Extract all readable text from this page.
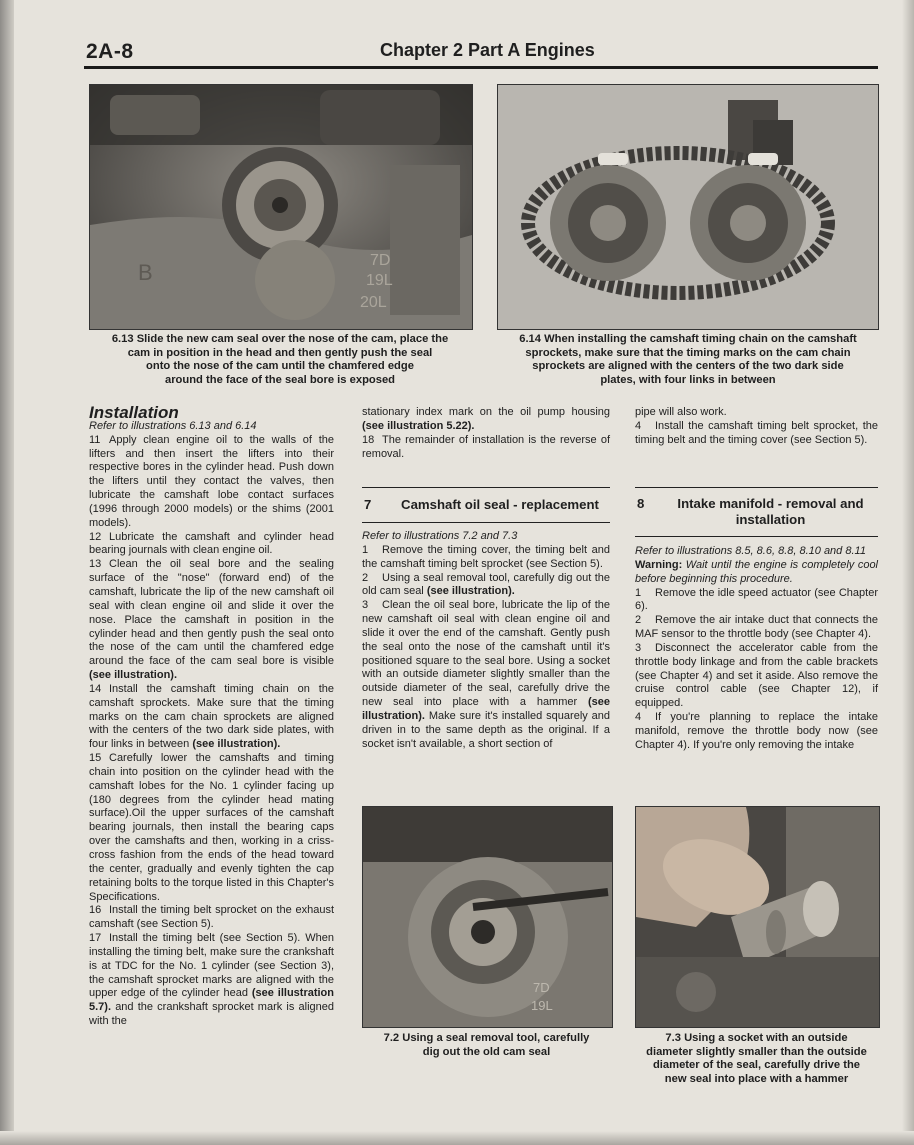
2A-8	Chapter 2 Part A Engines
B	7D
19L
20L
6.13 Slide the new cam seal over the nose of the cam, place the
cam in position in the head and then gently push the seal
onto the nose of the cam until the chamfered edge
around the face of the seal bore is exposed
6.14 When installing the camshaft timing chain on the camshaft
sprockets, make sure that the timing marks on the cam chain
sprockets are aligned with the centers of the two dark side
plates, with four links in between

Installation

Refer to illustrations 6.13 and 6.14

11 Apply clean engine oil to the walls of the lifters and then insert the lifters into their respective bores in the cylinder head. Push down the lifters until they contact the valves, then lubricate the camshaft lobe contact surfaces (1996 through 2000 models) or the shims (2001 models).

12 Lubricate the camshaft and cylinder head bearing journals with clean engine oil.

13 Clean the oil seal bore and the sealing surface of the "nose" (forward end) of the camshaft, lubricate the lip of the new camshaft oil seal with clean engine oil and slide it over the nose. Place the camshaft in position in the cylinder head and then gently push the seal onto the nose of the cam until the chamfered edge around the face of the cam seal bore is visible (see illustration).

14 Install the camshaft timing chain on the camshaft sprockets. Make sure that the timing marks on the cam chain sprockets are aligned with the centers of the two dark side plates, with four links in between (see illustration).

15 Carefully lower the camshafts and timing chain into position on the cylinder head with the camshaft lobes for the No. 1 cylinder facing up (180 degrees from the cylinder head mating surface).Oil the upper surfaces of the camshaft bearing journals, then install the bearing caps over the camshafts and then, working in a criss-cross fashion from the ends of the head toward the center, gradually and evenly tighten the cap retaining bolts to the torque listed in this Chapter's Specifications.

16 Install the timing belt sprocket on the exhaust camshaft (see Section 5).

17 Install the timing belt (see Section 5). When installing the timing belt, make sure the crankshaft is at TDC for the No. 1 cylinder (see Section 3), the camshaft sprocket marks are aligned with the upper edge of the cylinder head (see illustration 5.7). and the crankshaft sprocket mark is aligned with the

stationary index mark on the oil pump housing (see illustration 5.22).

18 The remainder of installation is the reverse of removal.

7	Camshaft oil seal - replacement

Refer to illustrations 7.2 and 7.3

1 Remove the timing cover, the timing belt and the camshaft timing belt sprocket (see Section 5).

2 Using a seal removal tool, carefully dig out the old cam seal (see illustration).

3 Clean the oil seal bore, lubricate the lip of the new camshaft oil seal with clean engine oil and slide it over the end of the camshaft. Gently push the seal onto the nose of the camshaft until it's positioned square to the seal bore. Using a socket with an outside diameter slightly smaller than the outside diameter of the seal, carefully drive the new seal into place with a hammer (see illustration). Make sure it's installed squarely and driven in to the same depth as the original. If a socket isn't available, a short section of

7D
19L
7.2 Using a seal removal tool, carefully
dig out the old cam seal

pipe will also work.

4 Install the camshaft timing belt sprocket, the timing belt and the timing cover (see Section 5).

8	Intake manifold - removal and
installation

Refer to illustrations 8.5, 8.6, 8.8, 8.10 and 8.11

Warning: Wait until the engine is completely cool before beginning this procedure.

1 Remove the idle speed actuator (see Chapter 6).

2 Remove the air intake duct that connects the MAF sensor to the throttle body (see Chapter 4).

3 Disconnect the accelerator cable from the throttle body linkage and from the cable brackets (see Chapter 4) and set it aside. Also remove the cruise control cable (see Chapter 12), if equipped.

4 If you're planning to replace the intake manifold, remove the throttle body now (see Chapter 4). If you're only removing the intake

7.3 Using a socket with an outside
diameter slightly smaller than the outside
diameter of the seal, carefully drive the
new seal into place with a hammer
